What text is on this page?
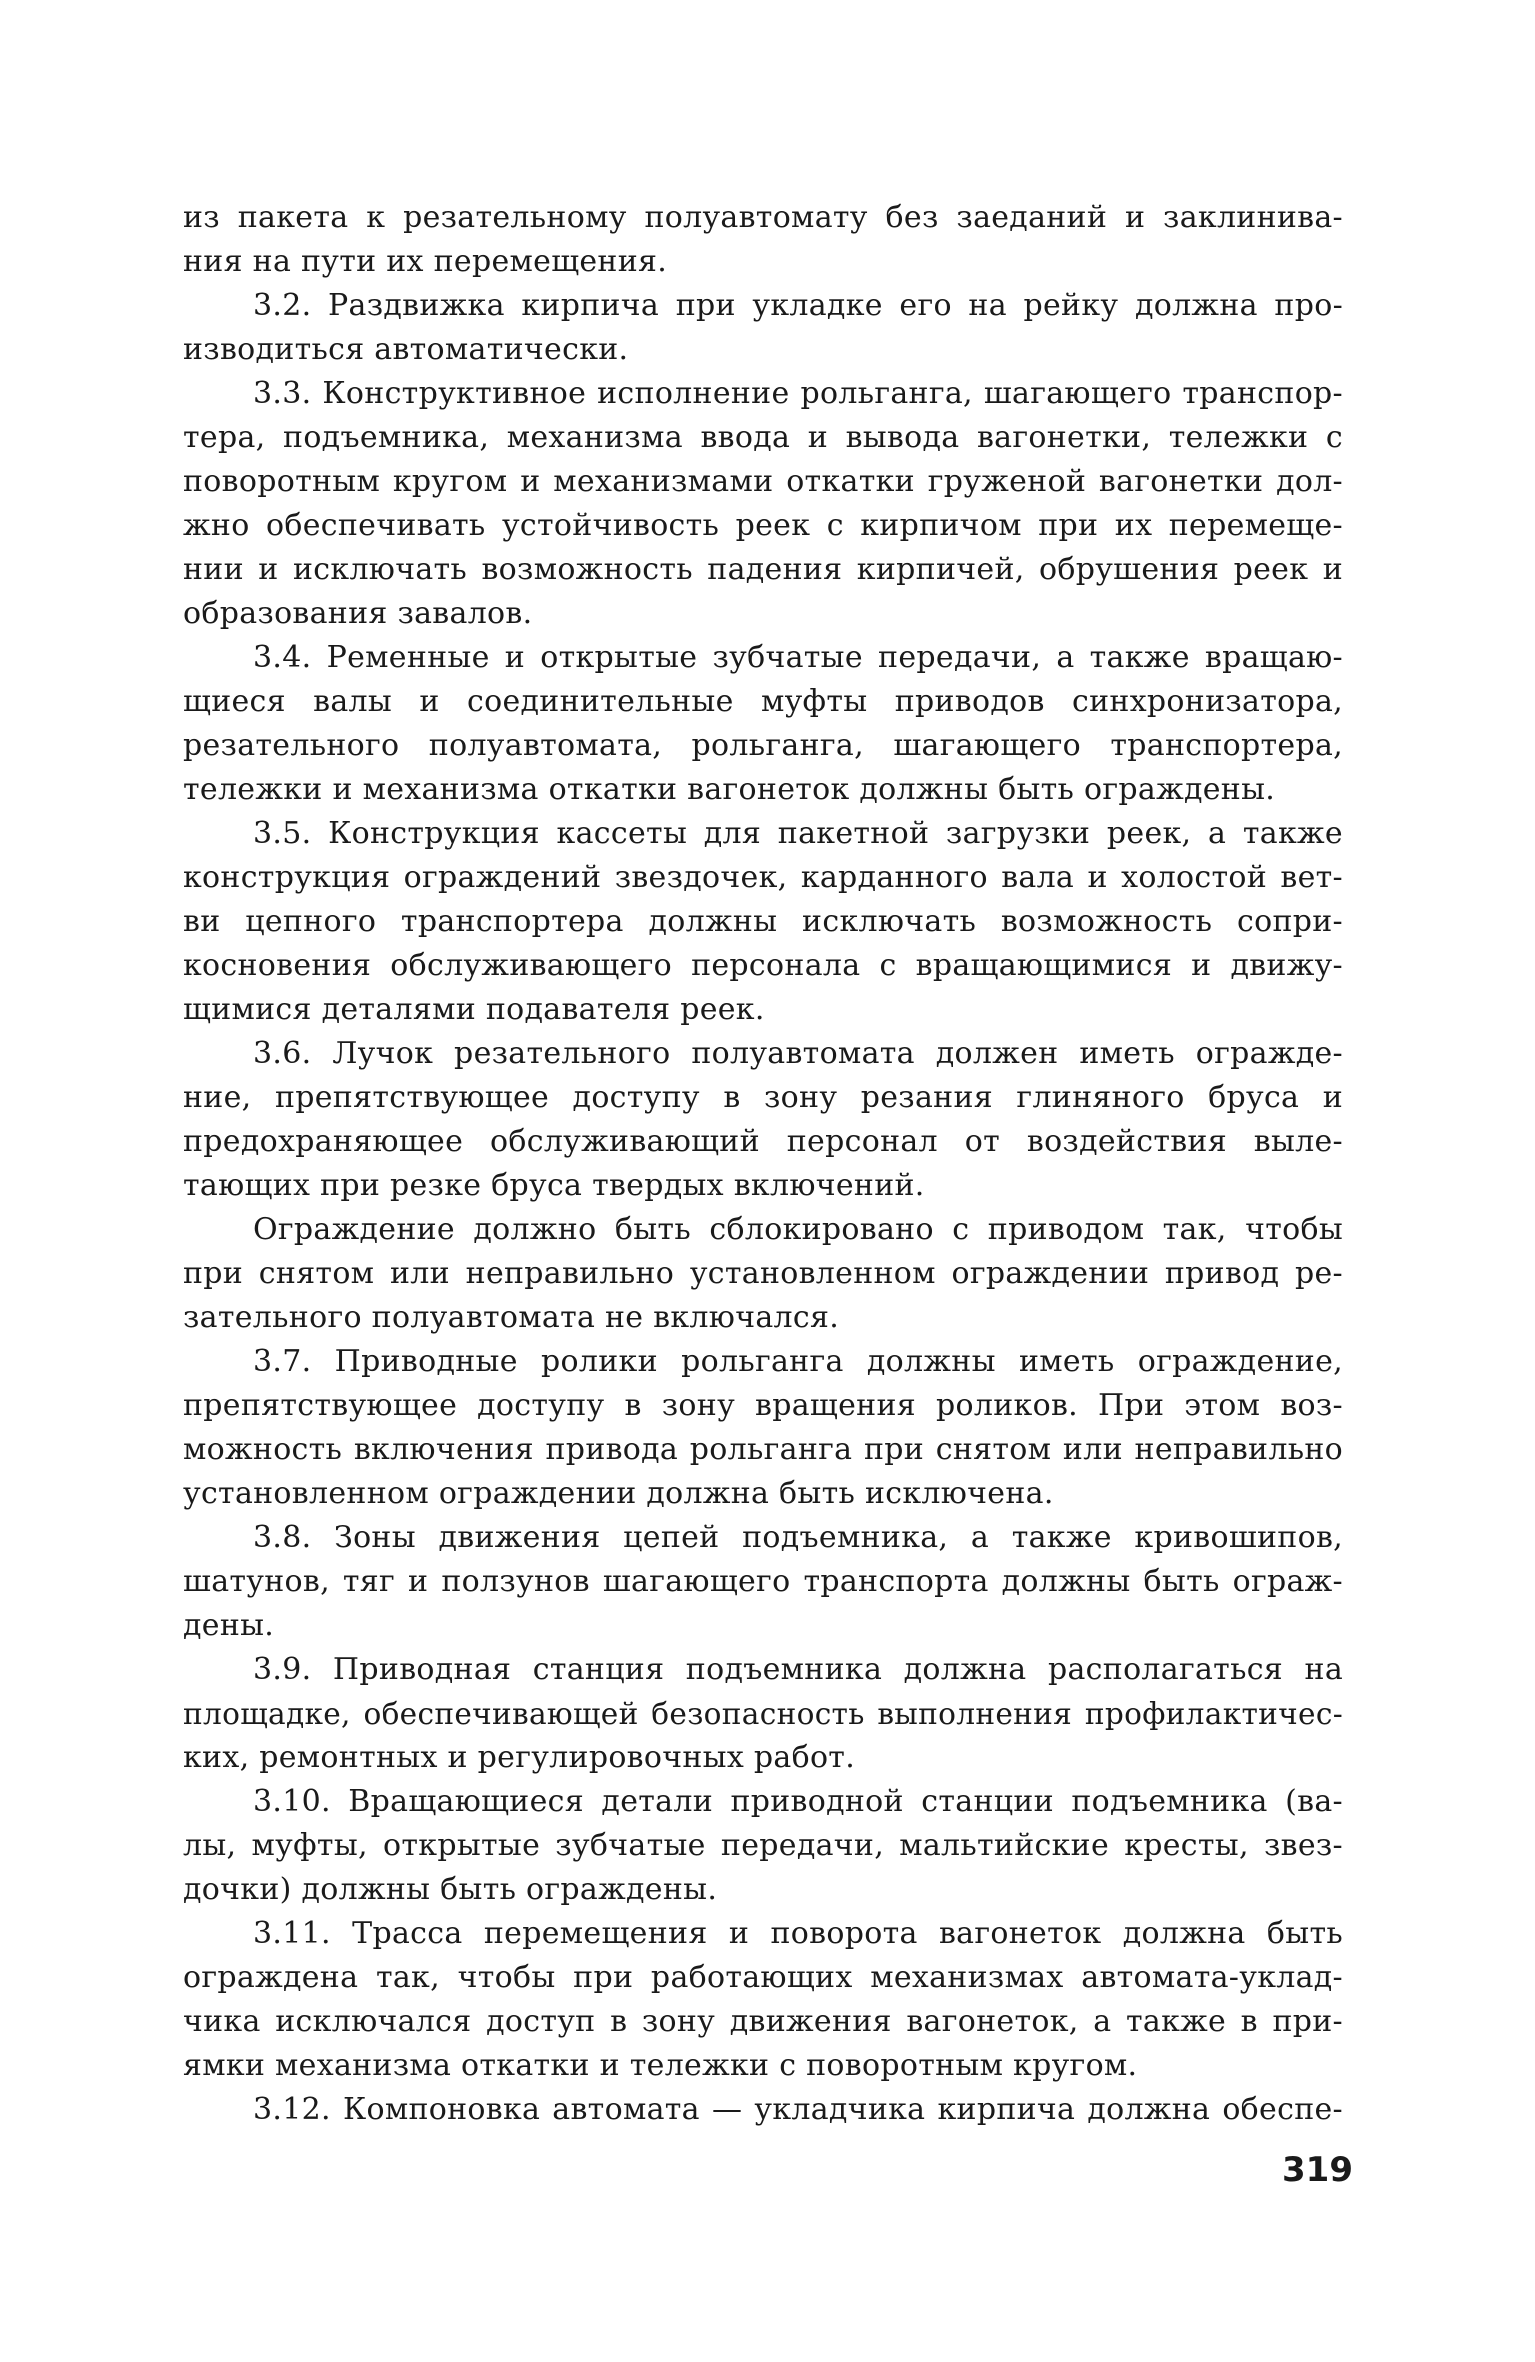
из пакета к резательному полуавтомату без заеданий и заклинива-
ния на пути их перемещения.
3.2. Раздвижка кирпича при укладке его на рейку должна про-
изводиться автоматически.
3.3. Конструктивное исполнение рольганга, шагающего транспор-
тера, подъемника, механизма ввода и вывода вагонетки, тележки с
поворотным кругом и механизмами откатки груженой вагонетки дол-
жно обеспечивать устойчивость реек с кирпичом при их перемеще-
нии и исключать возможность падения кирпичей, обрушения реек и
образования завалов.
3.4. Ременные и открытые зубчатые передачи, а также вращаю-
щиеся валы и соединительные муфты приводов синхронизатора,
резательного полуавтомата, рольганга, шагающего транспортера,
тележки и механизма откатки вагонеток должны быть ограждены.
3.5. Конструкция кассеты для пакетной загрузки реек, а также
конструкция ограждений звездочек, карданного вала и холостой вет-
ви цепного транспортера должны исключать возможность сопри-
косновения обслуживающего персонала с вращающимися и движу-
щимися деталями подавателя реек.
3.6. Лучок резательного полуавтомата должен иметь огражде-
ние, препятствующее доступу в зону резания глиняного бруса и
предохраняющее обслуживающий персонал от воздействия выле-
тающих при резке бруса твердых включений.
Ограждение должно быть сблокировано с приводом так, чтобы
при снятом или неправильно установленном ограждении привод ре-
зательного полуавтомата не включался.
3.7. Приводные ролики рольганга должны иметь ограждение,
препятствующее доступу в зону вращения роликов. При этом воз-
можность включения привода рольганга при снятом или неправильно
установленном ограждении должна быть исключена.
3.8. Зоны движения цепей подъемника, а также кривошипов,
шатунов, тяг и ползунов шагающего транспорта должны быть ограж-
дены.
3.9. Приводная станция подъемника должна располагаться на
площадке, обеспечивающей безопасность выполнения профилактичес-
ких, ремонтных и регулировочных работ.
3.10. Вращающиеся детали приводной станции подъемника (ва-
лы, муфты, открытые зубчатые передачи, мальтийские кресты, звез-
дочки) должны быть ограждены.
3.11. Трасса перемещения и поворота вагонеток должна быть
ограждена так, чтобы при работающих механизмах автомата-уклад-
чика исключался доступ в зону движения вагонеток, а также в при-
ямки механизма откатки и тележки с поворотным кругом.
3.12. Компоновка автомата — укладчика кирпича должна обеспе-
319
